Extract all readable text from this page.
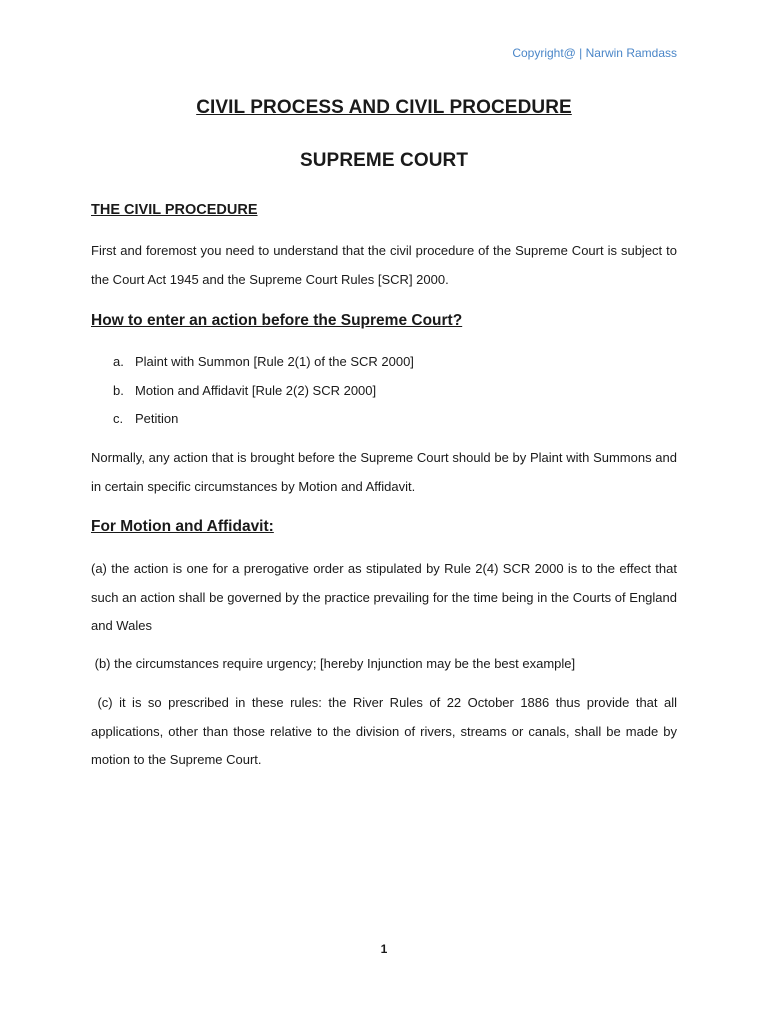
Copyright@ | Narwin Ramdass
CIVIL PROCESS AND CIVIL PROCEDURE
SUPREME COURT
THE CIVIL PROCEDURE
First and foremost you need to understand that the civil procedure of the Supreme Court is subject to the Court Act 1945 and the Supreme Court Rules [SCR] 2000.
How to enter an action before the Supreme Court?
a. Plaint with Summon [Rule 2(1) of the SCR 2000]
b. Motion and Affidavit [Rule 2(2) SCR 2000]
c. Petition
Normally, any action that is brought before the Supreme Court should be by Plaint with Summons and in certain specific circumstances by Motion and Affidavit.
For Motion and Affidavit:
(a) the action is one for a prerogative order as stipulated by Rule 2(4) SCR 2000 is to the effect that such an action shall be governed by the practice prevailing for the time being in the Courts of England and Wales
(b) the circumstances require urgency; [hereby Injunction may be the best example]
(c) it is so prescribed in these rules: the River Rules of 22 October 1886 thus provide that all applications, other than those relative to the division of rivers, streams or canals, shall be made by motion to the Supreme Court.
1
